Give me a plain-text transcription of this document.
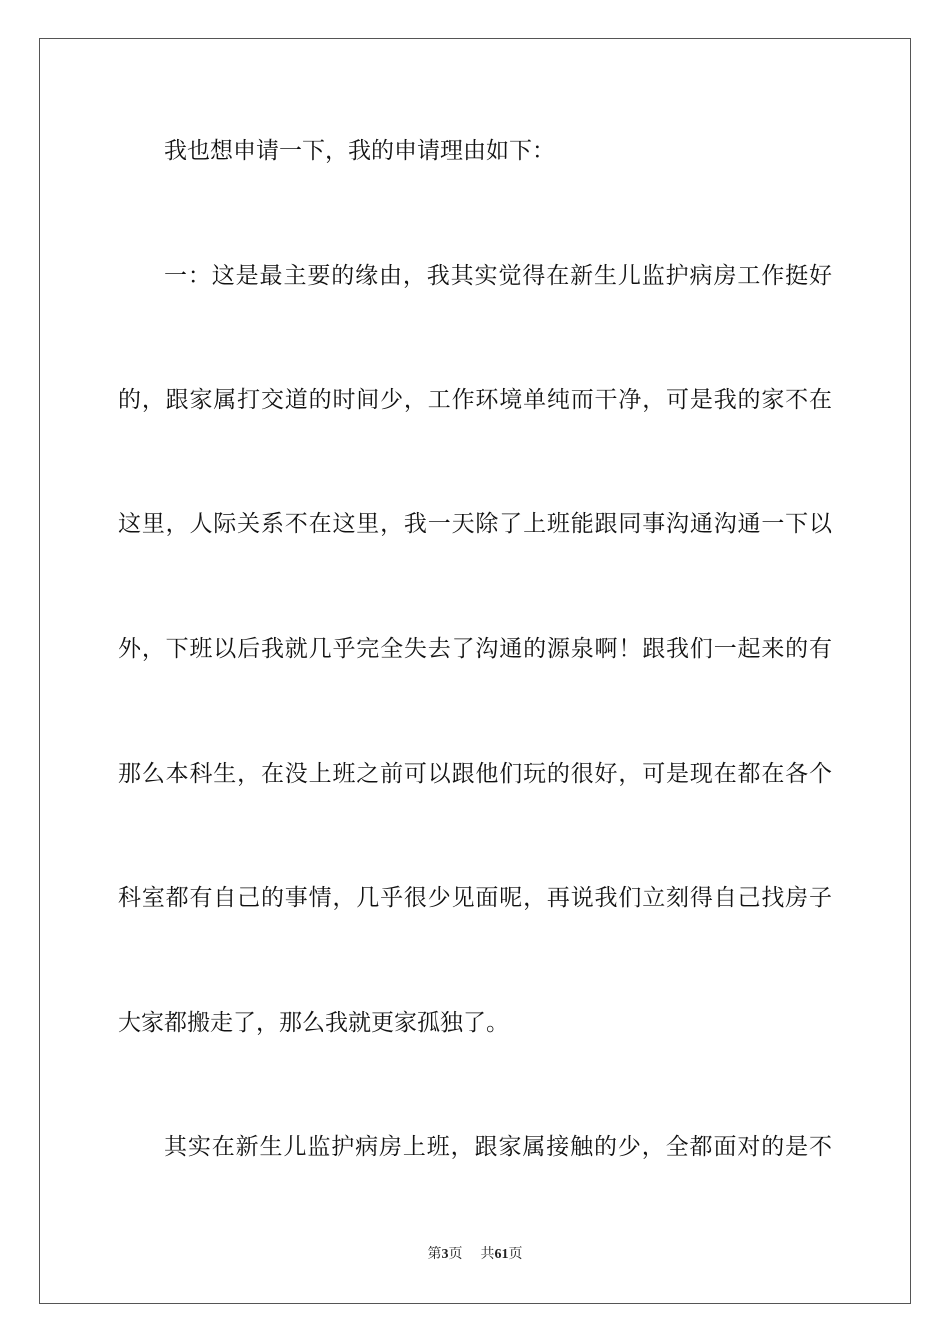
我也想申请一下，我的申请理由如下：
一：这是最主要的缘由，我其实觉得在新生儿监护病房工作挺好
的，跟家属打交道的时间少，工作环境单纯而干净，可是我的家不在
这里，人际关系不在这里，我一天除了上班能跟同事沟通沟通一下以
外，下班以后我就几乎完全失去了沟通的源泉啊！跟我们一起来的有
那么本科生，在没上班之前可以跟他们玩的很好，可是现在都在各个
科室都有自己的事情，几乎很少见面呢，再说我们立刻得自己找房子
大家都搬走了，那么我就更家孤独了。
其实在新生儿监护病房上班，跟家属接触的少，全都面对的是不
第3页 共61页
